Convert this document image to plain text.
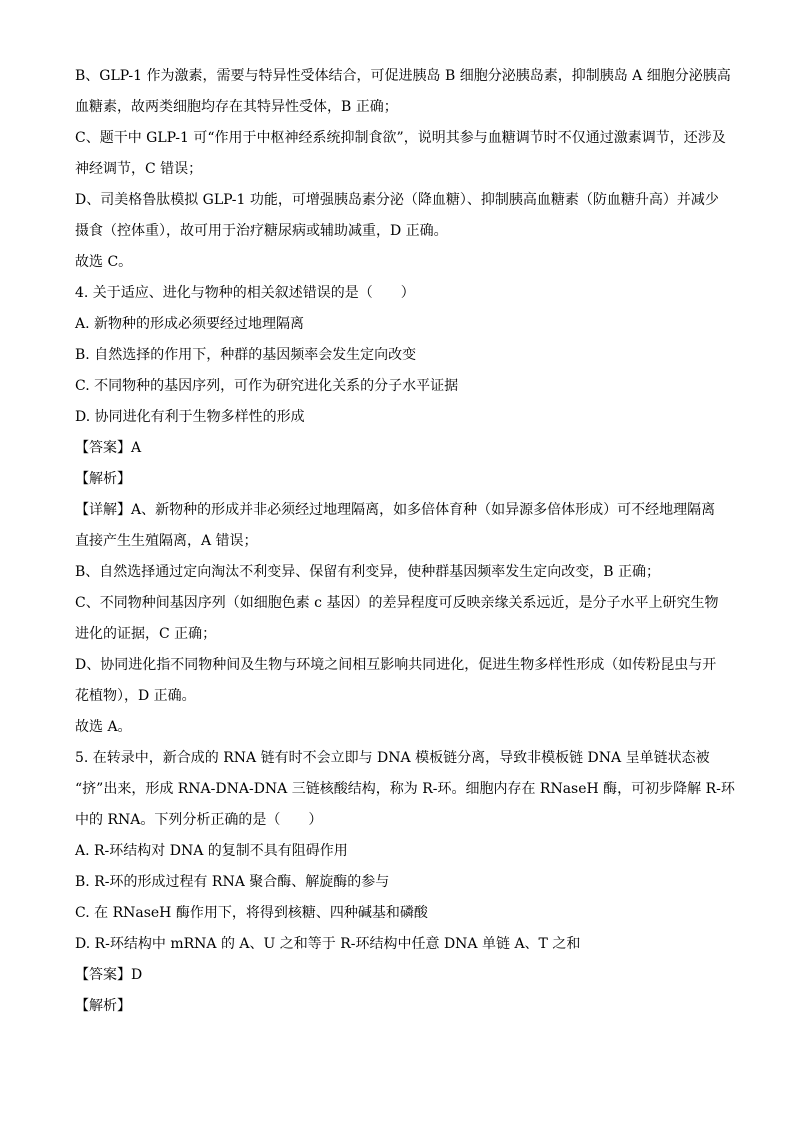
B、GLP-1 作为激素，需要与特异性受体结合，可促进胰岛 B 细胞分泌胰岛素，抑制胰岛 A 细胞分泌胰高
血糖素，故两类细胞均存在其特异性受体，B 正确；
C、题干中 GLP-1 可“作用于中枢神经系统抑制食欲”，说明其参与血糖调节时不仅通过激素调节，还涉及
神经调节，C 错误；
D、司美格鲁肽模拟 GLP-1 功能，可增强胰岛素分泌（降血糖）、抑制胰高血糖素（防血糖升高）并减少
摄食（控体重），故可用于治疗糖尿病或辅助减重，D 正确。
故选 C。
4. 关于适应、进化与物种的相关叙述错误的是（　　）
A. 新物种的形成必须要经过地理隔离
B. 自然选择的作用下，种群的基因频率会发生定向改变
C. 不同物种的基因序列，可作为研究进化关系的分子水平证据
D. 协同进化有利于生物多样性的形成
【答案】A
【解析】
【详解】A、新物种的形成并非必须经过地理隔离，如多倍体育种（如异源多倍体形成）可不经地理隔离
直接产生生殖隔离，A 错误；
B、自然选择通过定向淘汰不利变异、保留有利变异，使种群基因频率发生定向改变，B 正确；
C、不同物种间基因序列（如细胞色素 c 基因）的差异程度可反映亲缘关系远近，是分子水平上研究生物
进化的证据，C 正确；
D、协同进化指不同物种间及生物与环境之间相互影响共同进化，促进生物多样性形成（如传粉昆虫与开
花植物），D 正确。
故选 A。
5. 在转录中，新合成的 RNA 链有时不会立即与 DNA 模板链分离，导致非模板链 DNA 呈单链状态被
“挤”出来，形成 RNA-DNA-DNA 三链核酸结构，称为 R-环。细胞内存在 RNaseH 酶，可初步降解 R-环
中的 RNA。下列分析正确的是（　　）
A. R-环结构对 DNA 的复制不具有阻碍作用
B. R-环的形成过程有 RNA 聚合酶、解旋酶的参与
C. 在 RNaseH 酶作用下，将得到核糖、四种碱基和磷酸
D. R-环结构中 mRNA 的 A、U 之和等于 R-环结构中任意 DNA 单链 A、T 之和
【答案】D
【解析】
